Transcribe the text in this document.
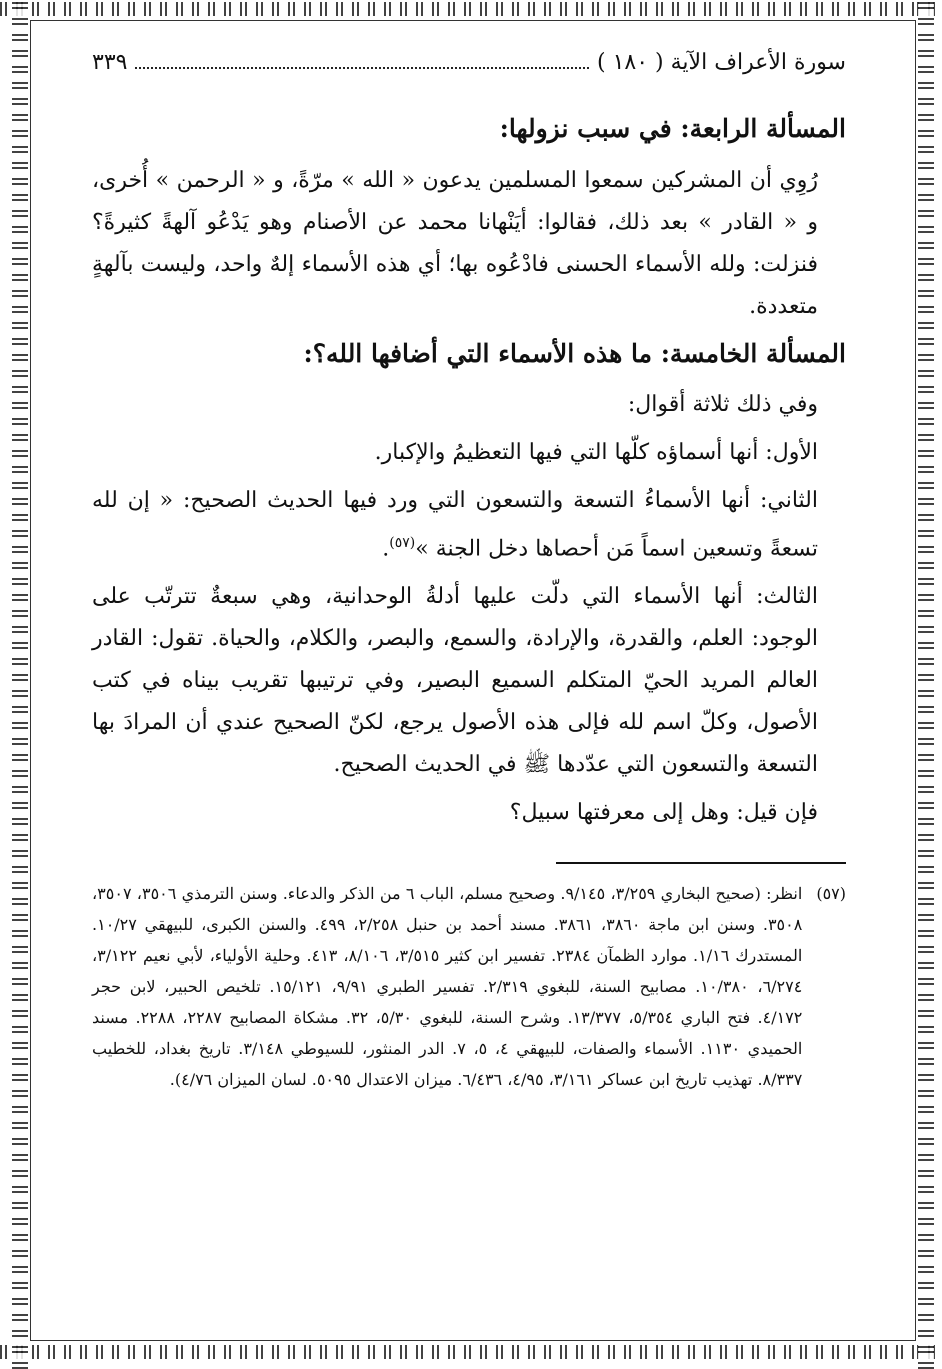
سورة الأعراف الآية ( ١٨٠ )
٣٣٩
المسألة الرابعة: في سبب نزولها:

رُوِي أن المشركين سمعوا المسلمين يدعون « الله » مرّةً، و « الرحمن » أُخرى، و « القادر » بعد ذلك، فقالوا: أيَنْهانا محمد عن الأصنام وهو يَدْعُو آلهةً كثيرةً؟ فنزلت: ولله الأسماء الحسنى فادْعُوه بها؛ أي هذه الأسماء إلهٌ واحد، وليست بآلهةٍ متعددة.

المسألة الخامسة: ما هذه الأسماء التي أضافها الله؟:

وفي ذلك ثلاثة أقوال:

الأول: أنها أسماؤه كلّها التي فيها التعظيمُ والإكبار.

الثاني: أنها الأسماءُ التسعة والتسعون التي ورد فيها الحديث الصحيح: « إن لله تسعةً وتسعين اسماً مَن أحصاها دخل الجنة »$^{(٥٧)}$.

الثالث: أنها الأسماء التي دلّت عليها أدلةُ الوحدانية، وهي سبعةٌ تترتّب على الوجود: العلم، والقدرة، والإرادة، والسمع، والبصر، والكلام، والحياة. تقول: القادر العالم المريد الحيّ المتكلم السميع البصير، وفي ترتيبها تقريب بيناه في كتب الأصول، وكلّ اسم لله فإلى هذه الأصول يرجع، لكنّ الصحيح عندي أن المرادَ بها التسعة والتسعون التي عدّدها ﷺ في الحديث الصحيح.

فإن قيل: وهل إلى معرفتها سبيل؟

(٥٧)
انظر: (صحيح البخاري ٣/٢٥٩، ٩/١٤٥. وصحيح مسلم، الباب ٦ من الذكر والدعاء. وسنن الترمذي ٣٥٠٦، ٣٥٠٧، ٣٥٠٨. وسنن ابن ماجة ٣٨٦٠، ٣٨٦١. مسند أحمد بن حنبل ٢/٢٥٨، ٤٩٩. والسنن الكبرى، للبيهقي ١٠/٢٧. المستدرك ١/١٦. موارد الظمآن ٢٣٨٤. تفسير ابن كثير ٣/٥١٥، ٨/١٠٦، ٤١٣. وحلية الأولياء، لأبي نعيم ٣/١٢٢، ٦/٢٧٤، ١٠/٣٨٠. مصابيح السنة، للبغوي ٢/٣١٩. تفسير الطبري ٩/٩١، ١٥/١٢١. تلخيص الحبير، لابن حجر ٤/١٧٢. فتح الباري ٥/٣٥٤، ١٣/٣٧٧. وشرح السنة، للبغوي ٥/٣٠، ٣٢. مشكاة المصابيح ٢٢٨٧، ٢٢٨٨. مسند الحميدي ١١٣٠. الأسماء والصفات، للبيهقي ٤، ٥، ٧. الدر المنثور، للسيوطي ٣/١٤٨. تاريخ بغداد، للخطيب ٨/٣٣٧. تهذيب تاريخ ابن عساكر ٣/١٦١، ٤/٩٥، ٦/٤٣٦. ميزان الاعتدال ٥٠٩٥. لسان الميزان ٤/٧٦).
